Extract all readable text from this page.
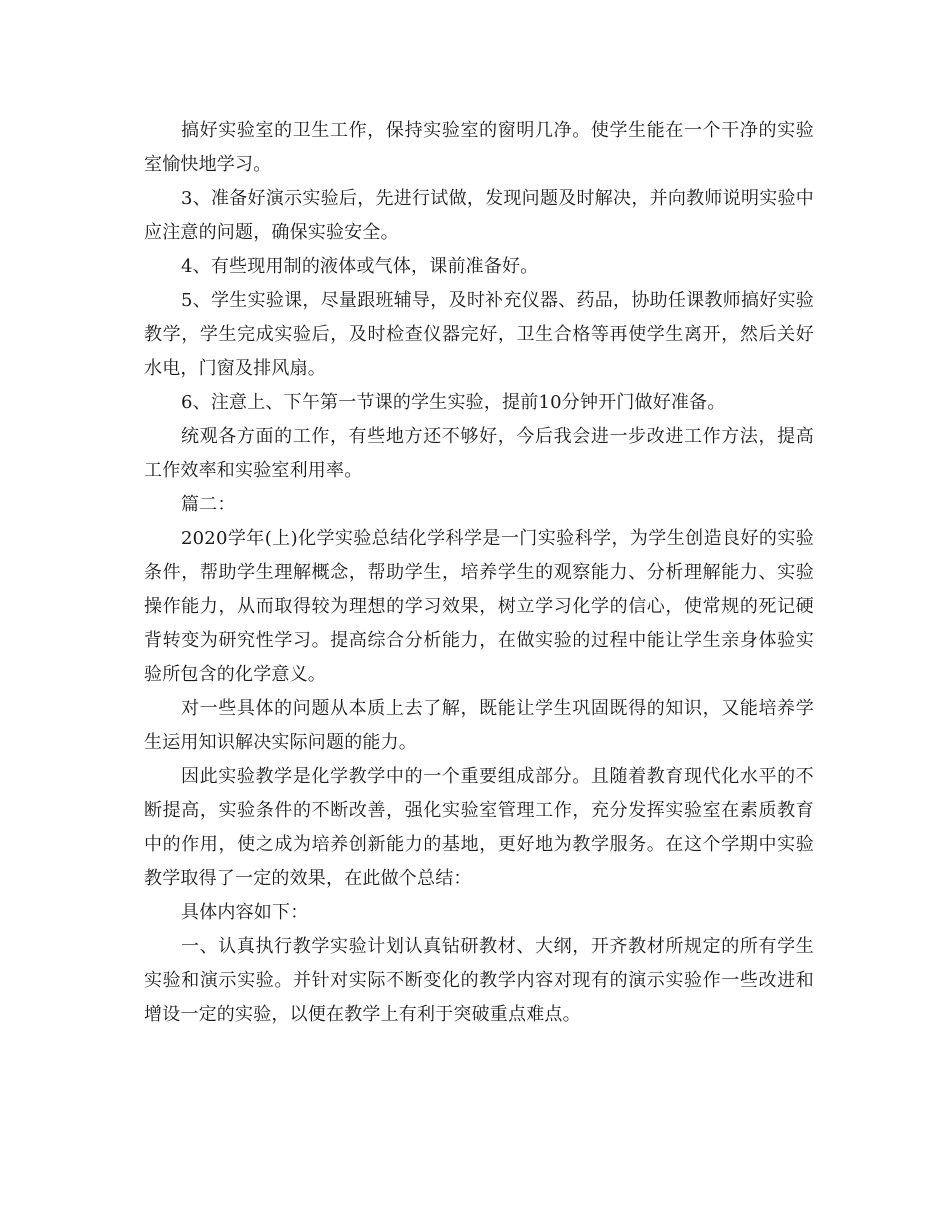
搞好实验室的卫生工作，保持实验室的窗明几净。使学生能在一个干净的实验室愉快地学习。

3、准备好演示实验后，先进行试做，发现问题及时解决，并向教师说明实验中应注意的问题，确保实验安全。

4、有些现用制的液体或气体，课前准备好。

5、学生实验课，尽量跟班辅导，及时补充仪器、药品，协助任课教师搞好实验教学，学生完成实验后，及时检查仪器完好，卫生合格等再使学生离开，然后关好水电，门窗及排风扇。

6、注意上、下午第一节课的学生实验，提前10分钟开门做好准备。

统观各方面的工作，有些地方还不够好，今后我会进一步改进工作方法，提高工作效率和实验室利用率。

篇二：

2020学年(上)化学实验总结化学科学是一门实验科学，为学生创造良好的实验条件，帮助学生理解概念，帮助学生，培养学生的观察能力、分析理解能力、实验操作能力，从而取得较为理想的学习效果，树立学习化学的信心，使常规的死记硬背转变为研究性学习。提高综合分析能力，在做实验的过程中能让学生亲身体验实验所包含的化学意义。

对一些具体的问题从本质上去了解，既能让学生巩固既得的知识，又能培养学生运用知识解决实际问题的能力。

因此实验教学是化学教学中的一个重要组成部分。且随着教育现代化水平的不断提高，实验条件的不断改善，强化实验室管理工作，充分发挥实验室在素质教育中的作用，使之成为培养创新能力的基地，更好地为教学服务。在这个学期中实验教学取得了一定的效果，在此做个总结：

具体内容如下：

一、认真执行教学实验计划认真钻研教材、大纲，开齐教材所规定的所有学生实验和演示实验。并针对实际不断变化的教学内容对现有的演示实验作一些改进和增设一定的实验，以便在教学上有利于突破重点难点。
